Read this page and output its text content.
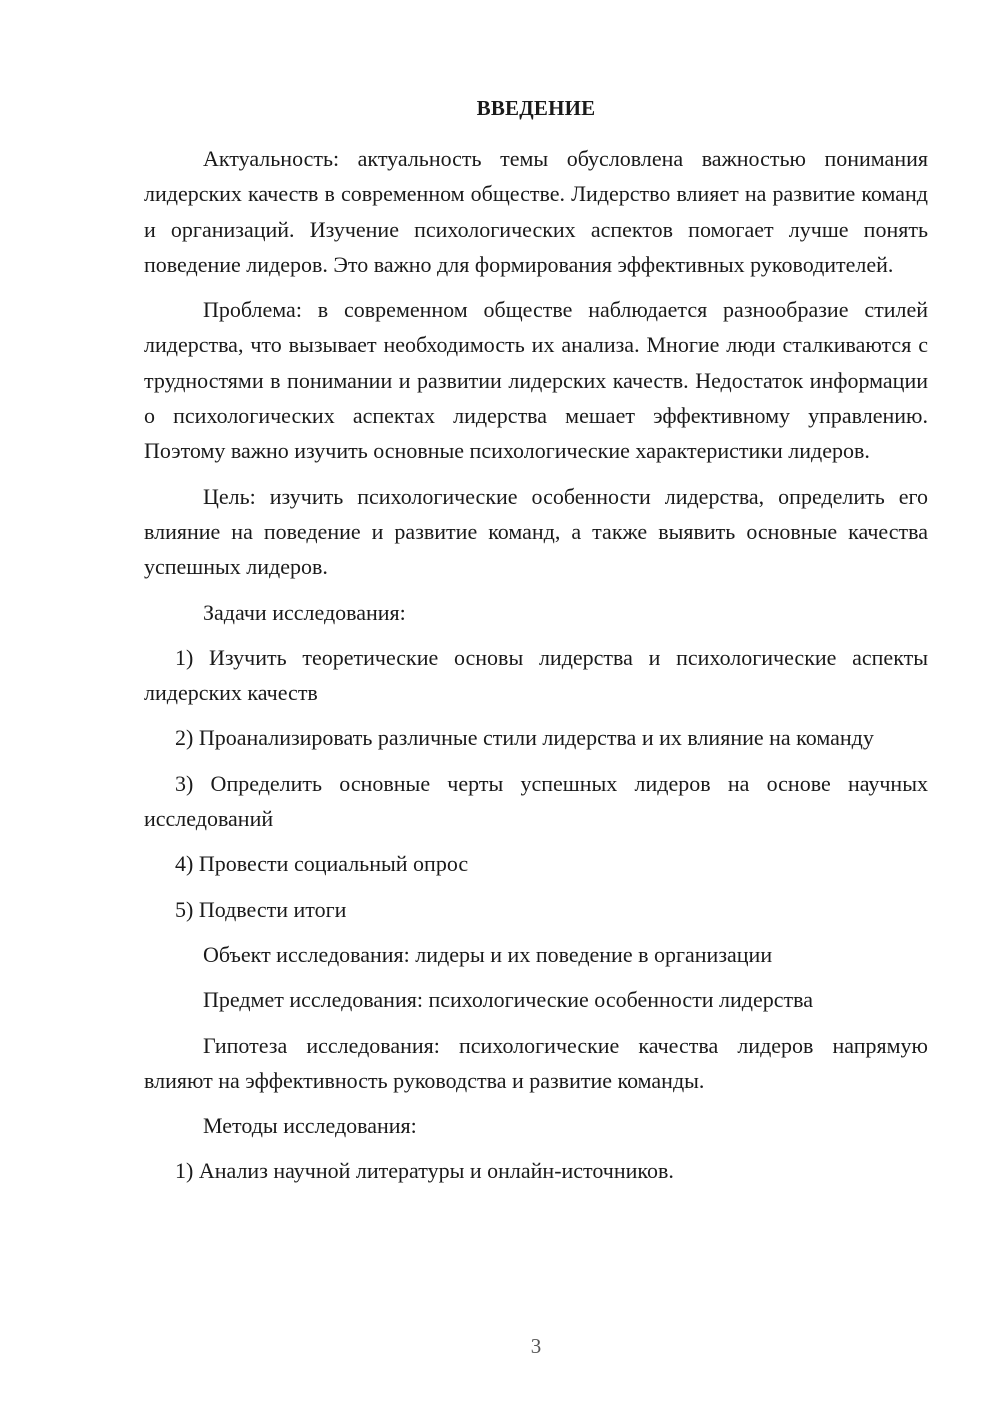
ВВЕДЕНИЕ

Актуальность: актуальность темы обусловлена важностью понимания лидерских качеств в современном обществе. Лидерство влияет на развитие команд и организаций. Изучение психологических аспектов помогает лучше понять поведение лидеров. Это важно для формирования эффективных руководителей.

Проблема: в современном обществе наблюдается разнообразие стилей лидерства, что вызывает необходимость их анализа. Многие люди сталкиваются с трудностями в понимании и развитии лидерских качеств. Недостаток информации о психологических аспектах лидерства мешает эффективному управлению. Поэтому важно изучить основные психологические характеристики лидеров.

Цель: изучить психологические особенности лидерства, определить его влияние на поведение и развитие команд, а также выявить основные качества успешных лидеров.

Задачи исследования:

1) Изучить теоретические основы лидерства и психологические аспекты лидерских качеств

2) Проанализировать различные стили лидерства и их влияние на команду

3) Определить основные черты успешных лидеров на основе научных исследований

4) Провести социальный опрос

5) Подвести итоги

Объект исследования: лидеры и их поведение в организации

Предмет исследования: психологические особенности лидерства

Гипотеза исследования: психологические качества лидеров напрямую влияют на эффективность руководства и развитие команды.

Методы исследования:

1) Анализ научной литературы и онлайн-источников.

3
